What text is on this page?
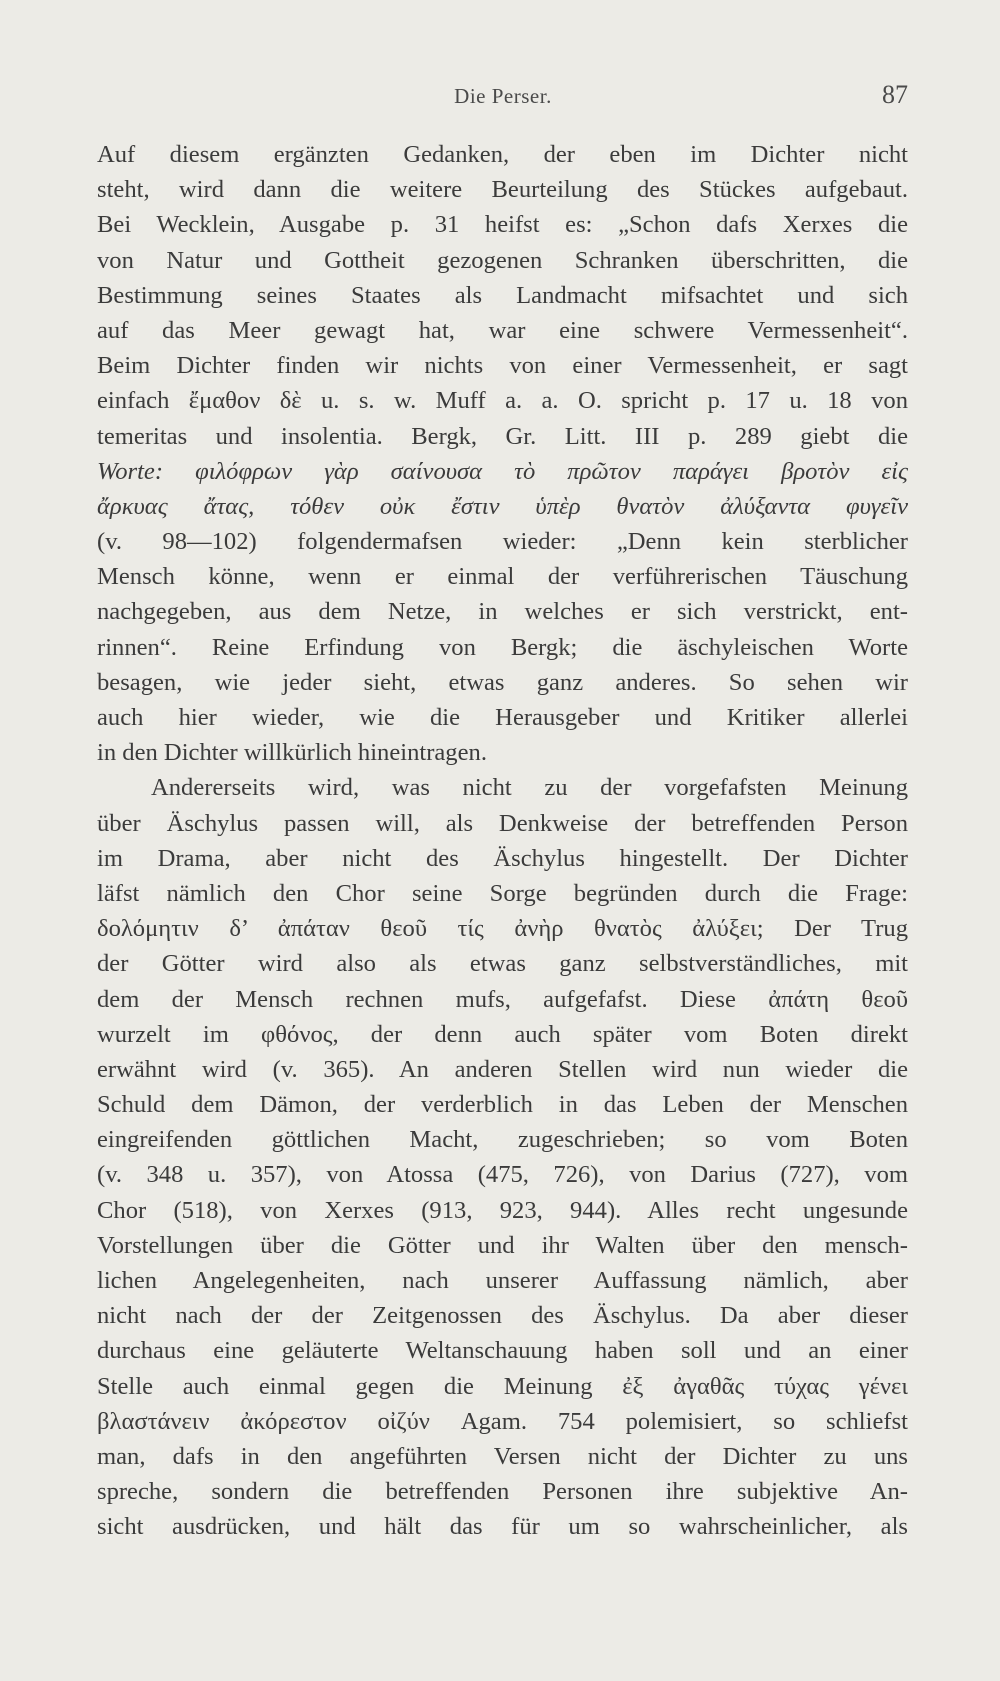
Die Perser.	87
Auf diesem ergänzten Gedanken, der eben im Dichter nicht
steht, wird dann die weitere Beurteilung des Stückes aufgebaut.
Bei Wecklein, Ausgabe p. 31 heifst es: „Schon dafs Xerxes die
von Natur und Gottheit gezogenen Schranken überschritten, die
Bestimmung seines Staates als Landmacht mifsachtet und sich
auf das Meer gewagt hat, war eine schwere Vermessenheit“.
Beim Dichter finden wir nichts von einer Vermessenheit, er sagt
einfach ἔμαθον δὲ u. s. w. Muff a. a. O. spricht p. 17 u. 18 von
temeritas und insolentia. Bergk, Gr. Litt. III p. 289 giebt die
Worte: φιλόφρων γὰρ σαίνουσα τὸ πρῶτον παράγει βροτὸν εἰς
ἄρκυας ἄτας, τόθεν οὐκ ἔστιν ὑπὲρ θνατὸν ἀλύξαντα φυγεῖν
(v. 98—102) folgendermafsen wieder: „Denn kein sterblicher
Mensch könne, wenn er einmal der verführerischen Täuschung
nachgegeben, aus dem Netze, in welches er sich verstrickt, ent-
rinnen“. Reine Erfindung von Bergk; die äschyleischen Worte
besagen, wie jeder sieht, etwas ganz anderes. So sehen wir
auch hier wieder, wie die Herausgeber und Kritiker allerlei
in den Dichter willkürlich hineintragen.
Andererseits wird, was nicht zu der vorgefafsten Meinung
über Äschylus passen will, als Denkweise der betreffenden Person
im Drama, aber nicht des Äschylus hingestellt. Der Dichter
läfst nämlich den Chor seine Sorge begründen durch die Frage:
δολόμητιν δ’ ἀπάταν θεοῦ τίς ἀνὴρ θνατὸς ἀλύξει; Der Trug
der Götter wird also als etwas ganz selbstverständliches, mit
dem der Mensch rechnen mufs, aufgefafst. Diese ἀπάτη θεοῦ
wurzelt im φθόνος, der denn auch später vom Boten direkt
erwähnt wird (v. 365). An anderen Stellen wird nun wieder die
Schuld dem Dämon, der verderblich in das Leben der Menschen
eingreifenden göttlichen Macht, zugeschrieben; so vom Boten
(v. 348 u. 357), von Atossa (475, 726), von Darius (727), vom
Chor (518), von Xerxes (913, 923, 944). Alles recht ungesunde
Vorstellungen über die Götter und ihr Walten über den mensch-
lichen Angelegenheiten, nach unserer Auffassung nämlich, aber
nicht nach der der Zeitgenossen des Äschylus. Da aber dieser
durchaus eine geläuterte Weltanschauung haben soll und an einer
Stelle auch einmal gegen die Meinung ἐξ ἀγαθᾶς τύχας γένει
βλαστάνειν ἀκόρεστον οἰζύν Agam. 754 polemisiert, so schliefst
man, dafs in den angeführten Versen nicht der Dichter zu uns
spreche, sondern die betreffenden Personen ihre subjektive An-
sicht ausdrücken, und hält das für um so wahrscheinlicher, als
